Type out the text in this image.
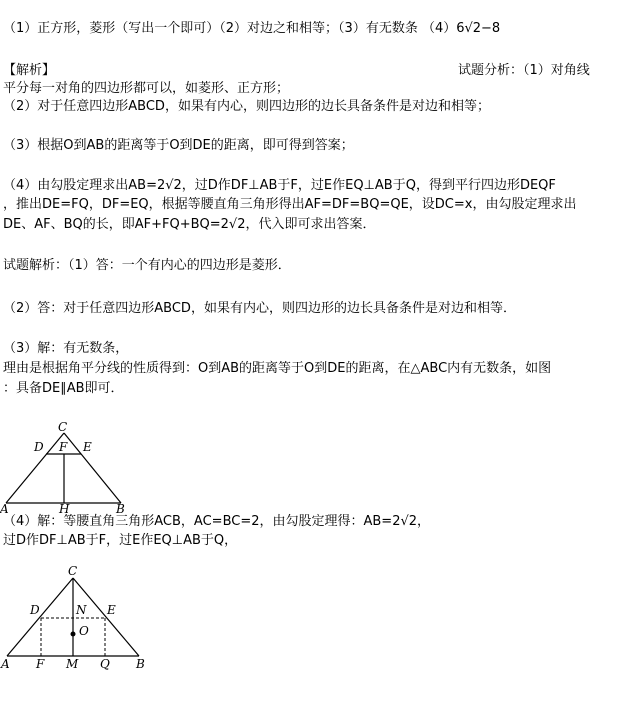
（1）正方形，菱形（写出一个即可）（2）对边之和相等；（3）有无数条 （4）6√2−8
【解析】	试题分析：（1）对角线
平分每一对角的四边形都可以，如菱形、正方形；
（2）对于任意四边形ABCD，如果有内心，则四边形的边长具备条件是对边和相等；
（3）根据O到AB的距离等于O到DE的距离，即可得到答案；
（4）由勾股定理求出AB=2√2，过D作DF⊥AB于F，过E作EQ⊥AB于Q，得到平行四边形DEQF
，推出DE=FQ，DF=EQ，根据等腰直角三角形得出AF=DF=BQ=QE，设DC=x，由勾股定理求出
DE、AF、BQ的长，即AF+FQ+BQ=2√2，代入即可求出答案．
试题解析：（1）答：一个有内心的四边形是菱形．
（2）答：对于任意四边形ABCD，如果有内心，则四边形的边长具备条件是对边和相等．
（3）解：有无数条，
理由是根据角平分线的性质得到：O到AB的距离等于O到DE的距离，在△ABC内有无数条，如图
：具备DE∥AB即可．
C
D F E
A	H	B
（4）解：等腰直角三角形ACB，AC=BC=2，由勾股定理得：AB=2√2，
过D作DF⊥AB于F，过E作EQ⊥AB于Q，
C
D	N E
O
A F M Q B
